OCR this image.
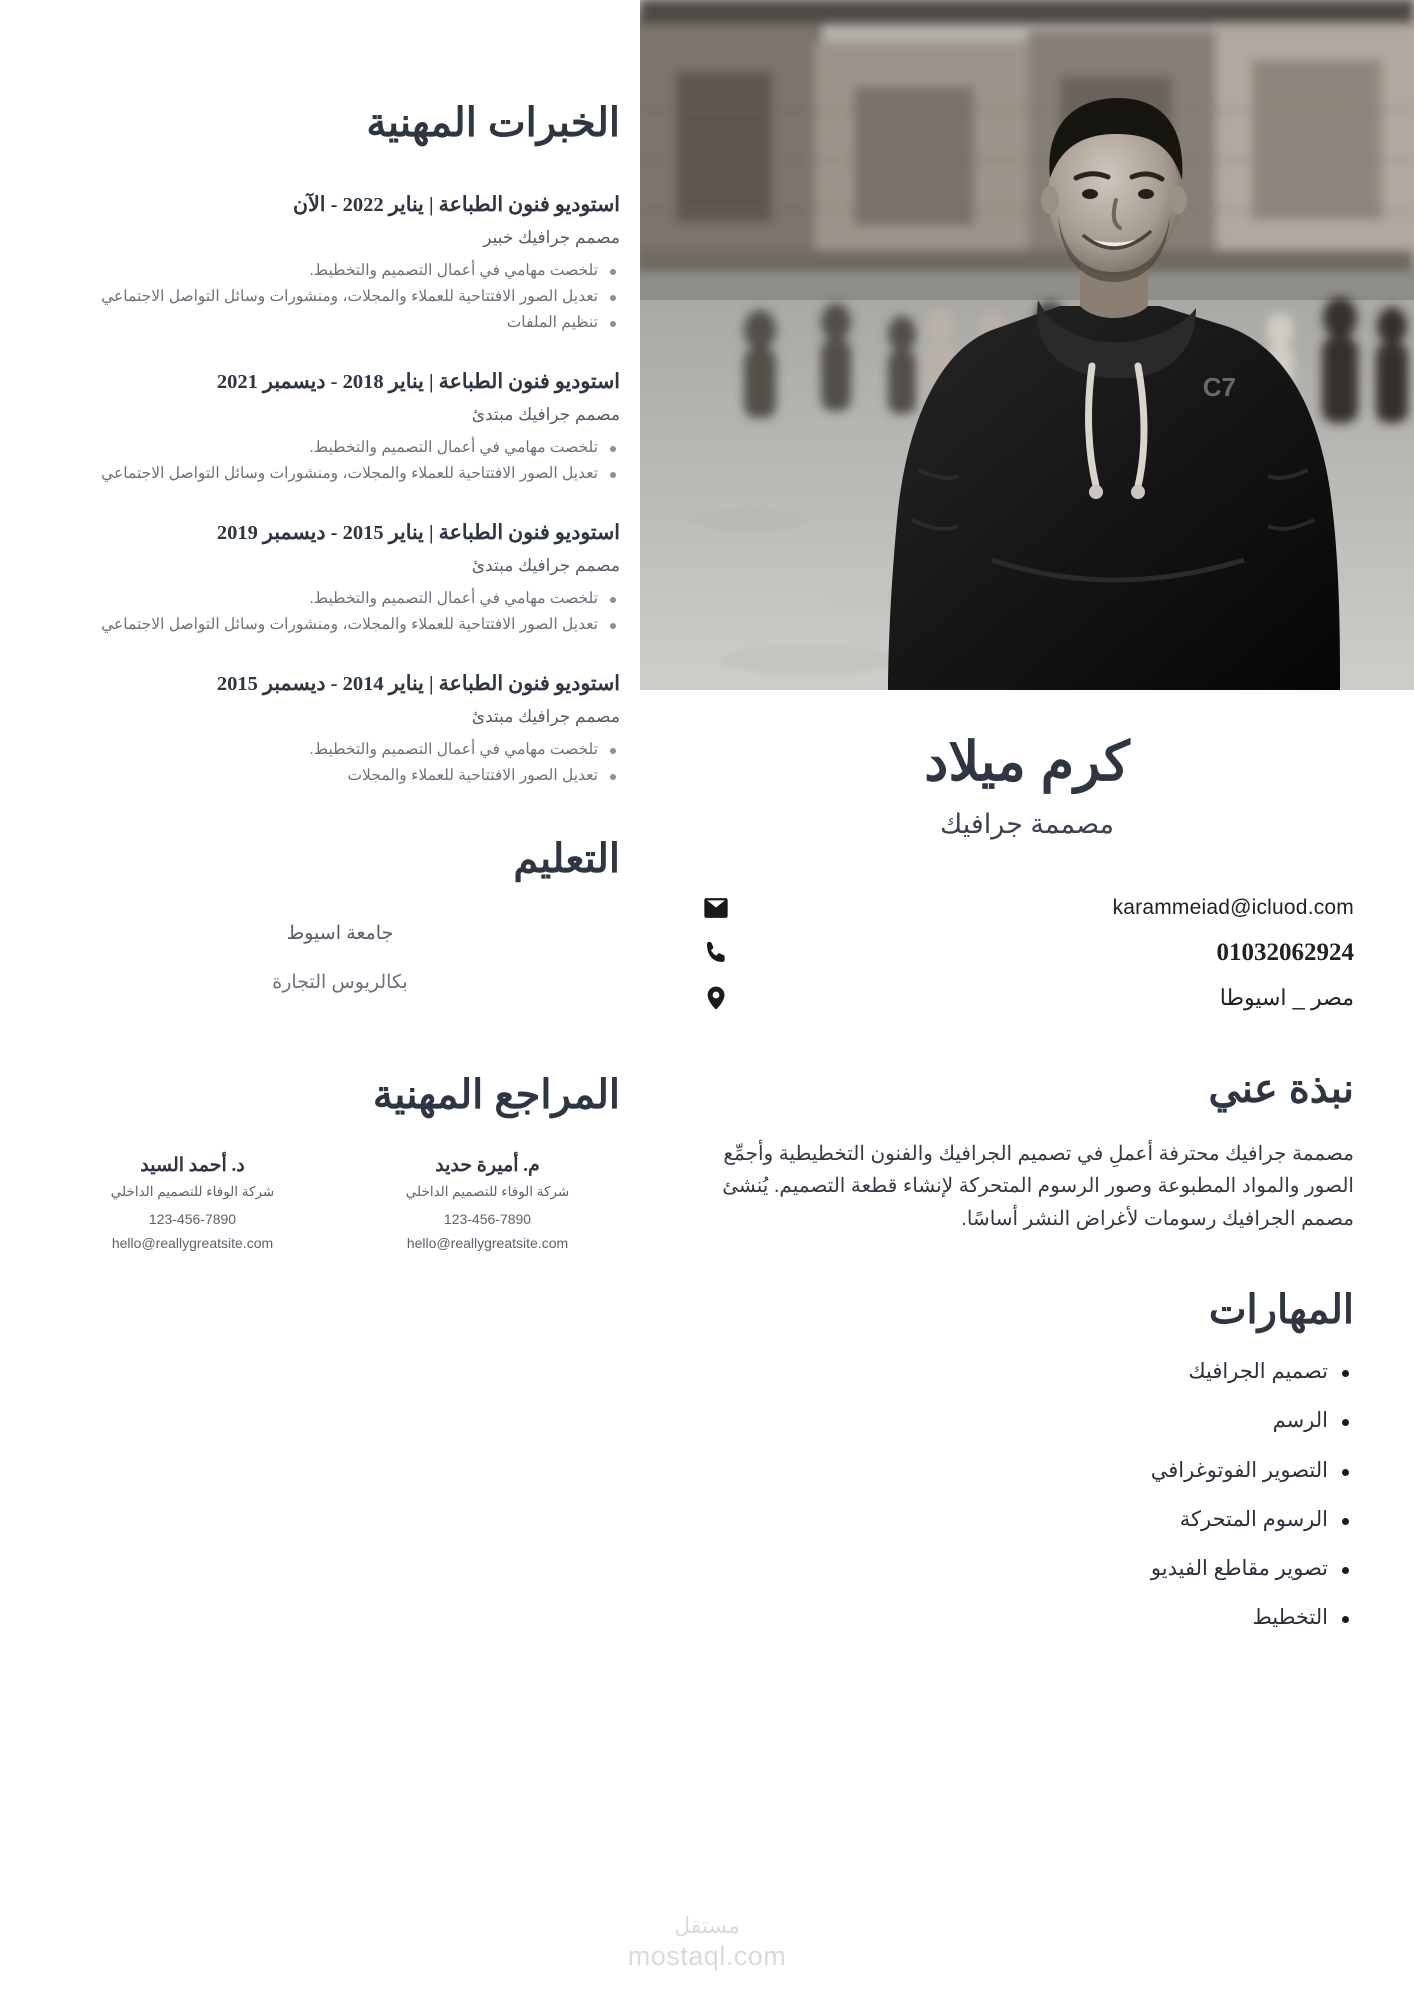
الخبرات المهنية
استوديو فنون الطباعة | يناير 2022 - الآن
مصمم جرافيك خبير
تلخصت مهامي في أعمال التصميم والتخطيط.
تعديل الصور الافتتاحية للعملاء والمجلات، ومنشورات وسائل التواصل الاجتماعي
تنظيم الملفات
استوديو فنون الطباعة | يناير 2018 - ديسمبر 2021
مصمم جرافيك مبتدئ
تلخصت مهامي في أعمال التصميم والتخطيط.
تعديل الصور الافتتاحية للعملاء والمجلات، ومنشورات وسائل التواصل الاجتماعي
استوديو فنون الطباعة | يناير 2015 - ديسمبر 2019
مصمم جرافيك مبتدئ
تلخصت مهامي في أعمال التصميم والتخطيط.
تعديل الصور الافتتاحية للعملاء والمجلات، ومنشورات وسائل التواصل الاجتماعي
استوديو فنون الطباعة | يناير 2014 - ديسمبر 2015
مصمم جرافيك مبتدئ
تلخصت مهامي في أعمال التصميم والتخطيط.
تعديل الصور الافتتاحية للعملاء والمجلات
التعليم
جامعة اسيوط
بكالريوس التجارة
المراجع المهنية
م. أميرة حديد
شركة الوفاء للتصميم الداخلي
123-456-7890
hello@reallygreatsite.com
د. أحمد السيد
شركة الوفاء للتصميم الداخلي
123-456-7890
hello@reallygreatsite.com
C7
كرم ميلاد
مصممة جرافيك
karammeiad@icluod.com
01032062924
مصر _ اسيوطا
نبذة عني
مصممة جرافيك محترفة أعملِ في تصميم الجرافيك والفنون التخطيطية وأجمِّع الصور والمواد المطبوعة وصور الرسوم المتحركة لإنشاء قطعة التصميم. يُنشئ مصمم الجرافيك رسومات لأغراض النشر أساسًا.
المهارات
تصميم الجرافيك
الرسم
التصوير الفوتوغرافي
الرسوم المتحركة
تصوير مقاطع الفيديو
التخطيط
مستقل
mostaql.com
